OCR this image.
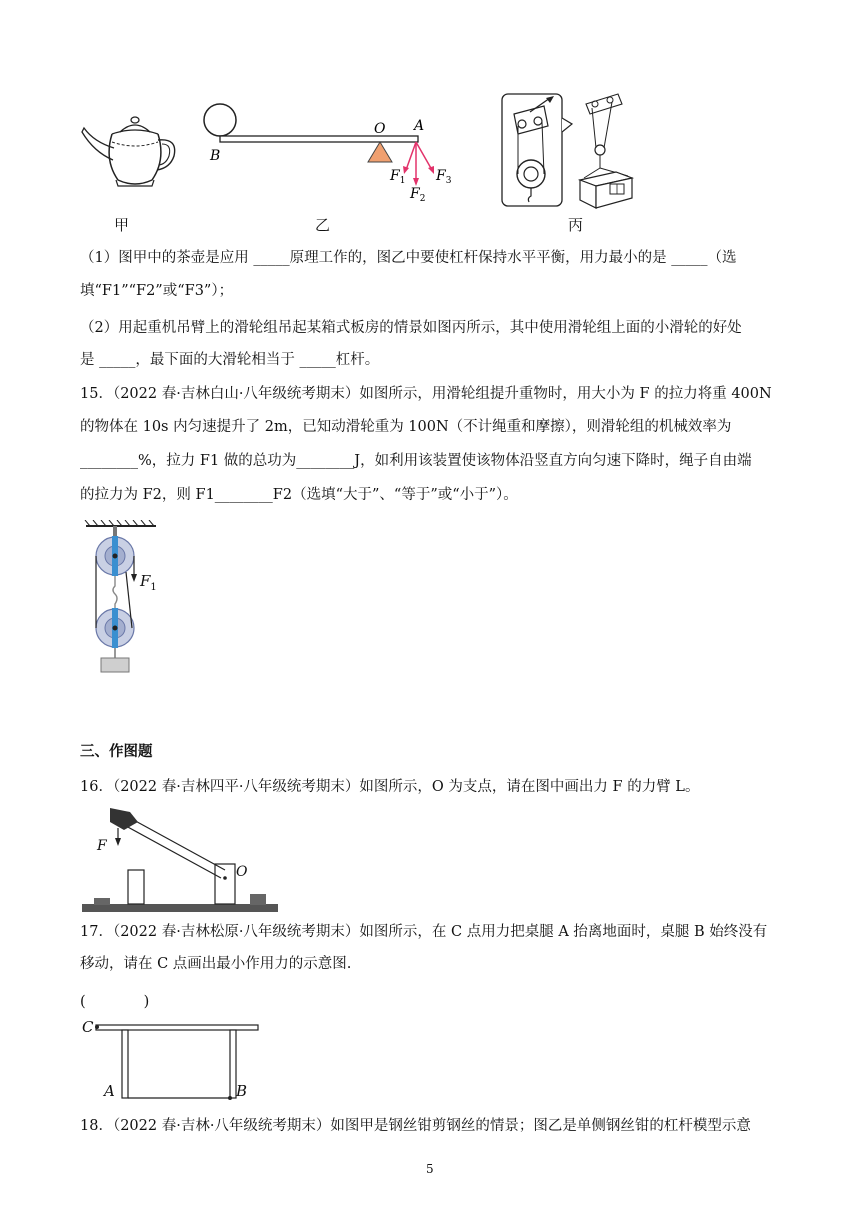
B
O A
$F_1$
$F_2$
$F_3$
甲	乙	丙
（1）图甲中的茶壶是应用 _____原理工作的，图乙中要使杠杆保持水平平衡，用力最小的是 _____（选
填“F1”“F2”或“F3”）；
（2）用起重机吊臂上的滑轮组吊起某箱式板房的情景如图丙所示，其中使用滑轮组上面的小滑轮的好处
是 _____，最下面的大滑轮相当于 _____杠杆。
15．（2022 春·吉林白山·八年级统考期末）如图所示，用滑轮组提升重物时，用大小为 F 的拉力将重 400N
的物体在 10s 内匀速提升了 2m，已知动滑轮重为 100N（不计绳重和摩擦），则滑轮组的机械效率为
________%，拉力 F1 做的总功为________J，如利用该装置使该物体沿竖直方向匀速下降时，绳子自由端
的拉力为 F2，则 F1________F2（选填“大于”、“等于”或“小于”）。
$F_1$
三、作图题
16．（2022 春·吉林四平·八年级统考期末）如图所示，O 为支点，请在图中画出力 F 的力臂 L。
F
O
17．（2022 春·吉林松原·八年级统考期末）如图所示，在 C 点用力把桌腿 A 抬离地面时，桌腿 B 始终没有
移动，请在 C 点画出最小作用力的示意图.
(　　　　)
C
A	B
18．（2022 春·吉林·八年级统考期末）如图甲是钢丝钳剪钢丝的情景；图乙是单侧钢丝钳的杠杆模型示意
5
